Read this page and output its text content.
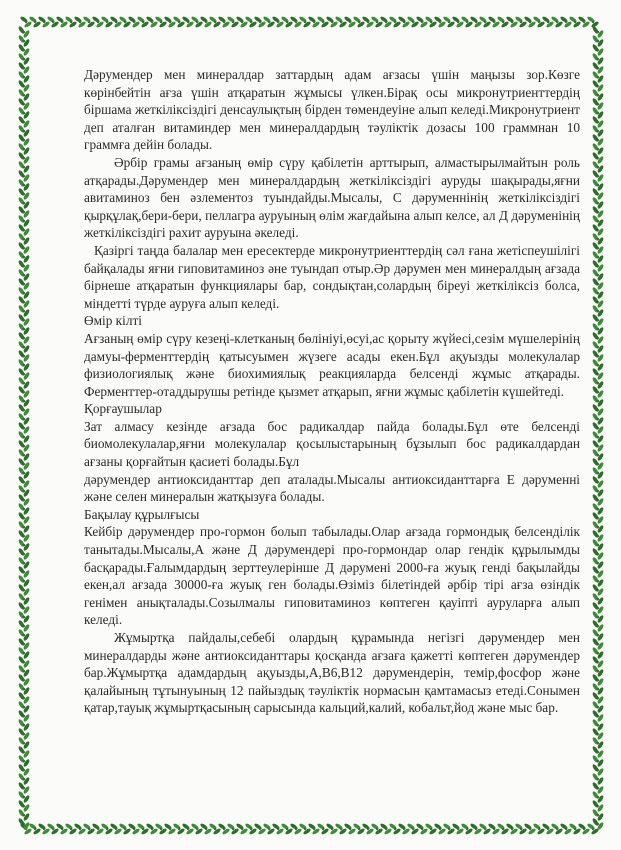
Дәрумендер мен минералдар заттардың адам ағзасы үшін маңызы зор.Көзге көрінбейтін ағза үшін атқаратын жұмысы үлкен.Бірақ осы микронутриенттердің біршама жеткіліксіздігі денсаулықтың бірден төмендеуіне алып келеді.Микронутриент деп аталған витаминдер мен минералдардың тәуліктік дозасы 100 граммнан 10 граммға дейін болады.

Әрбір грамы ағзаның өмір сүру қабілетін арттырып, алмастырылмайтын роль атқарады.Дәрумендер мен минералдардың жеткіліксіздігі ауруды шақырады,яғни авитаминоз бен әзлементоз туындайды.Мысалы, С дәруменнінің жеткіліксіздігі қырқұлақ,бери-бери, пеллагра ауруының өлім жағдайына алып келсе, ал Д дәруменінің жеткіліксіздігі рахит ауруына әкеледі.

Қазіргі таңда балалар мен ересектерде микронутриенттердің сәл ғана жетіспеушілігі байқалады яғни гиповитаминоз әне туындап отыр.Әр дәрумен мен минералдың ағзада бірнеше атқаратын функциялары бар, сондықтан,солардың біреуі жеткіліксіз болса, міндетті түрде ауруға алып келеді.

Өмір кілті

Ағзаның өмір сүру кезеңі-клетканың бөлініуі,өсуі,ас қорыту жүйесі,сезім мүшелерінің дамуы-ферменттердің қатысуымен жүзеге асады екен.Бұл ақуызды молекулалар физиологиялық және биохимиялық реакцияларда белсенді жұмыс атқарады. Ферменттер-отаддырушы ретінде қызмет атқарып, яғни жұмыс қабілетін күшейтеді.

Қорғаушылар

Зат алмасу кезінде ағзада бос радикалдар пайда болады.Бұл өте белсенді биомолекулалар,яғни молекулалар қосылыстарының бұзылып бос радикалдардан ағзаны қорғайтын қасиеті болады.Бұл

дәрумендер антиоксиданттар деп аталады.Мысалы антиоксиданттарға Е дәруменні және селен минералын жатқызуға болады.

Бақылау құрылғысы

Кейбір дәрумендер про-гормон болып табылады.Олар ағзада гормондық белсенділік танытады.Мысалы,А және Д дәрумендері про-гормондар олар гендік құрылымды басқарады.Ғалымдардың зерттеулерінше Д дәрумені 2000-ға жуық генді бақылайды екен,ал ағзада 30000-ға жуық ген болады.Өзіміз білетіндей әрбір тірі ағза өзіндік генімен анықталады.Созылмалы гиповитаминоз көптеген қауіпті ауруларға алып келеді.

Жұмыртқа пайдалы,себебі олардың құрамында негізгі дәрумендер мен минералдарды және антиоксиданттары қосқанда ағзаға қажетті көптеген дәрумендер бар.Жұмыртқа адамдардың ақуызды,А,В6,В12 дәрумендерін, темір,фосфор және қалайының тұтынуының 12 пайыздық тәуліктік нормасын қамтамасыз етеді.Сонымен қатар,тауық жұмыртқасының сарысында кальций,калий, кобальт,йод және мыс бар.
